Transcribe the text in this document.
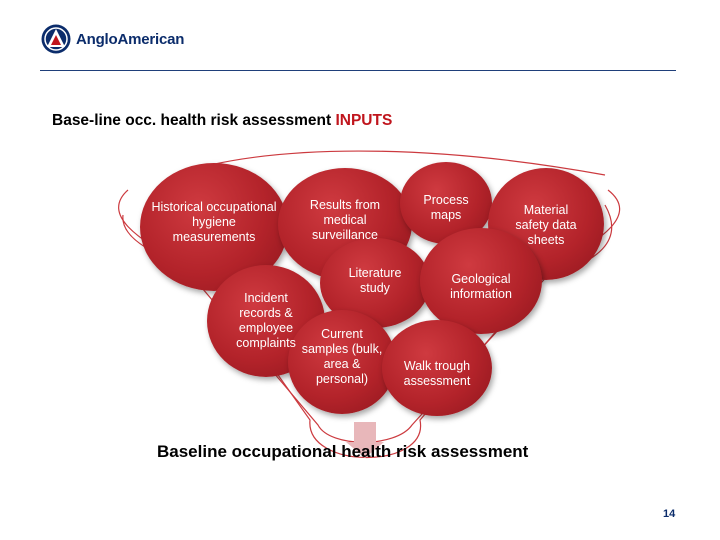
AngloAmerican
Base-line occ. health risk assessment INPUTS
Historical occupational hygiene measurements
Results from medical surveillance
Process maps	Material safety data sheets
Incident records & employee complaints
Literature study
Geological information
Current samples (bulk, area & personal)
Walk trough assessment
Baseline occupational health risk assessment
14
